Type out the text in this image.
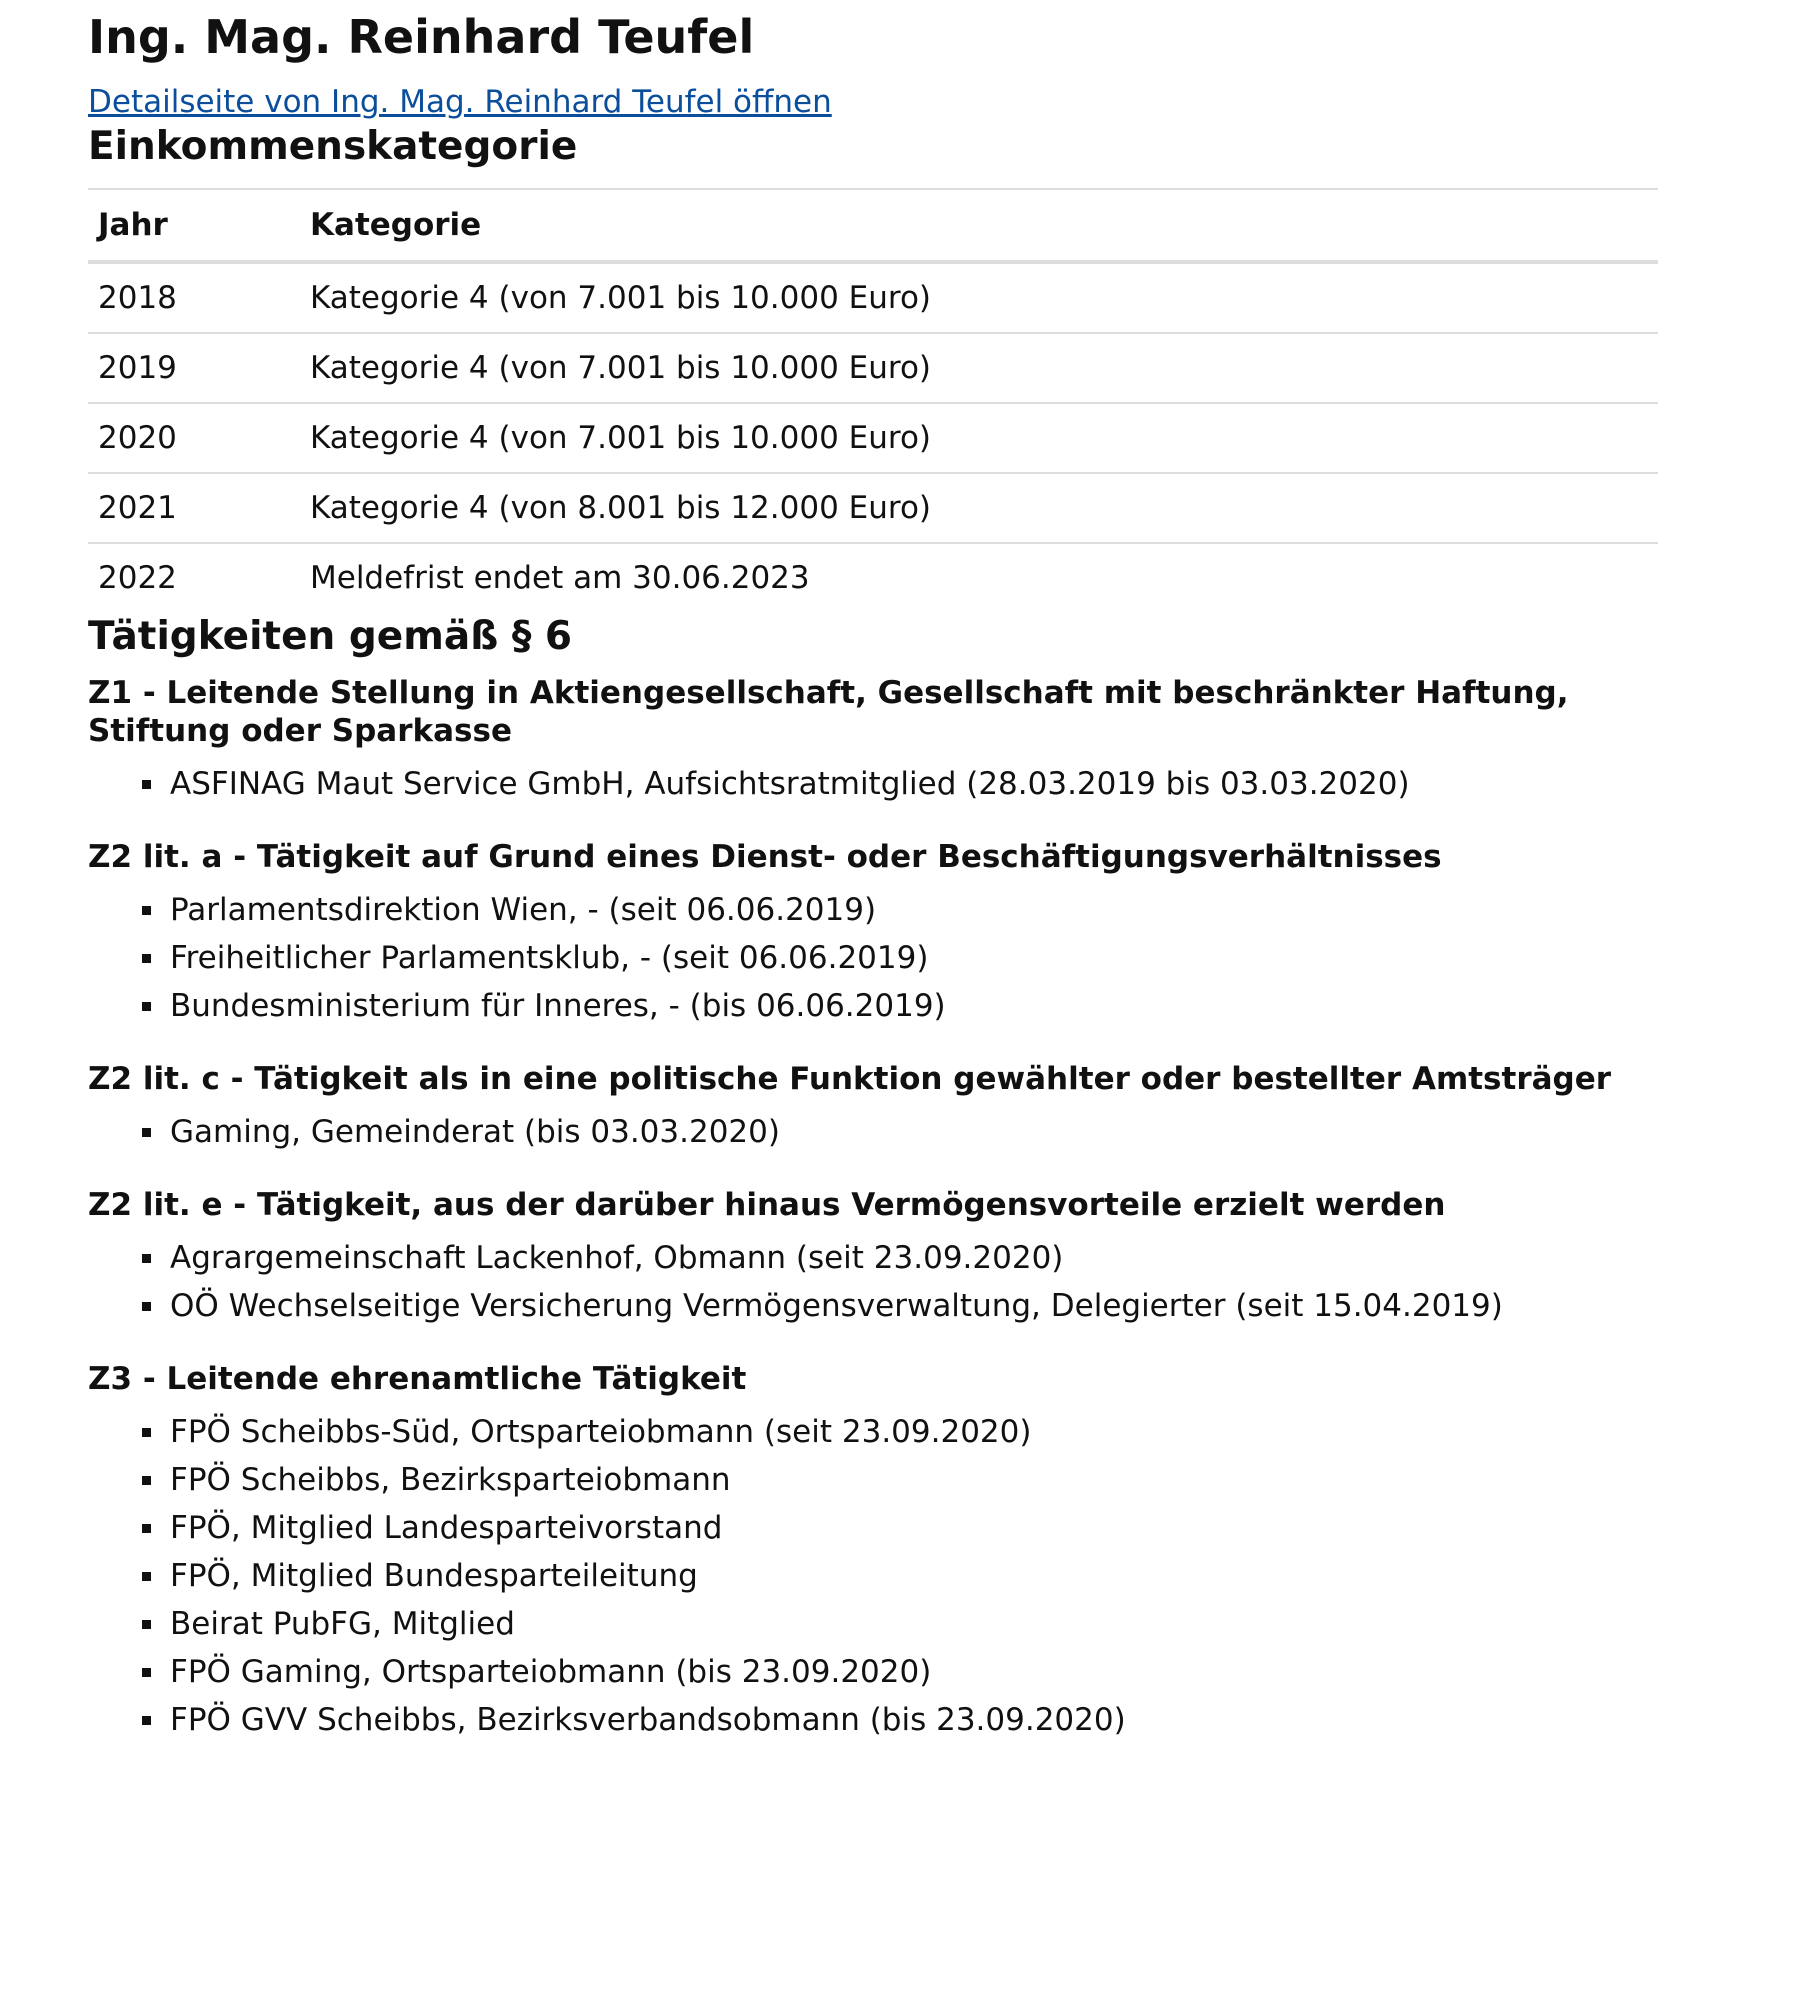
Ing. Mag. Reinhard Teufel
Detailseite von Ing. Mag. Reinhard Teufel öffnen
Einkommenskategorie
Jahr	Kategorie
2018	Kategorie 4 (von 7.001 bis 10.000 Euro)
2019	Kategorie 4 (von 7.001 bis 10.000 Euro)
2020	Kategorie 4 (von 7.001 bis 10.000 Euro)
2021	Kategorie 4 (von 8.001 bis 12.000 Euro)
2022	Meldefrist endet am 30.06.2023
Tätigkeiten gemäß § 6
Z1 - Leitende Stellung in Aktiengesellschaft, Gesellschaft mit beschränkter Haftung, Stiftung oder Sparkasse
ASFINAG Maut Service GmbH, Aufsichtsratmitglied (28.03.2019 bis 03.03.2020)
Z2 lit. a - Tätigkeit auf Grund eines Dienst- oder Beschäftigungsverhältnisses
Parlamentsdirektion Wien, - (seit 06.06.2019)
Freiheitlicher Parlamentsklub, - (seit 06.06.2019)
Bundesministerium für Inneres, - (bis 06.06.2019)
Z2 lit. c - Tätigkeit als in eine politische Funktion gewählter oder bestellter Amtsträger
Gaming, Gemeinderat (bis 03.03.2020)
Z2 lit. e - Tätigkeit, aus der darüber hinaus Vermögensvorteile erzielt werden
Agrargemeinschaft Lackenhof, Obmann (seit 23.09.2020)
OÖ Wechselseitige Versicherung Vermögensverwaltung, Delegierter (seit 15.04.2019)
Z3 - Leitende ehrenamtliche Tätigkeit
FPÖ Scheibbs-Süd, Ortsparteiobmann (seit 23.09.2020)
FPÖ Scheibbs, Bezirksparteiobmann
FPÖ, Mitglied Landesparteivorstand
FPÖ, Mitglied Bundesparteileitung
Beirat PubFG, Mitglied
FPÖ Gaming, Ortsparteiobmann (bis 23.09.2020)
FPÖ GVV Scheibbs, Bezirksverbandsobmann (bis 23.09.2020)
